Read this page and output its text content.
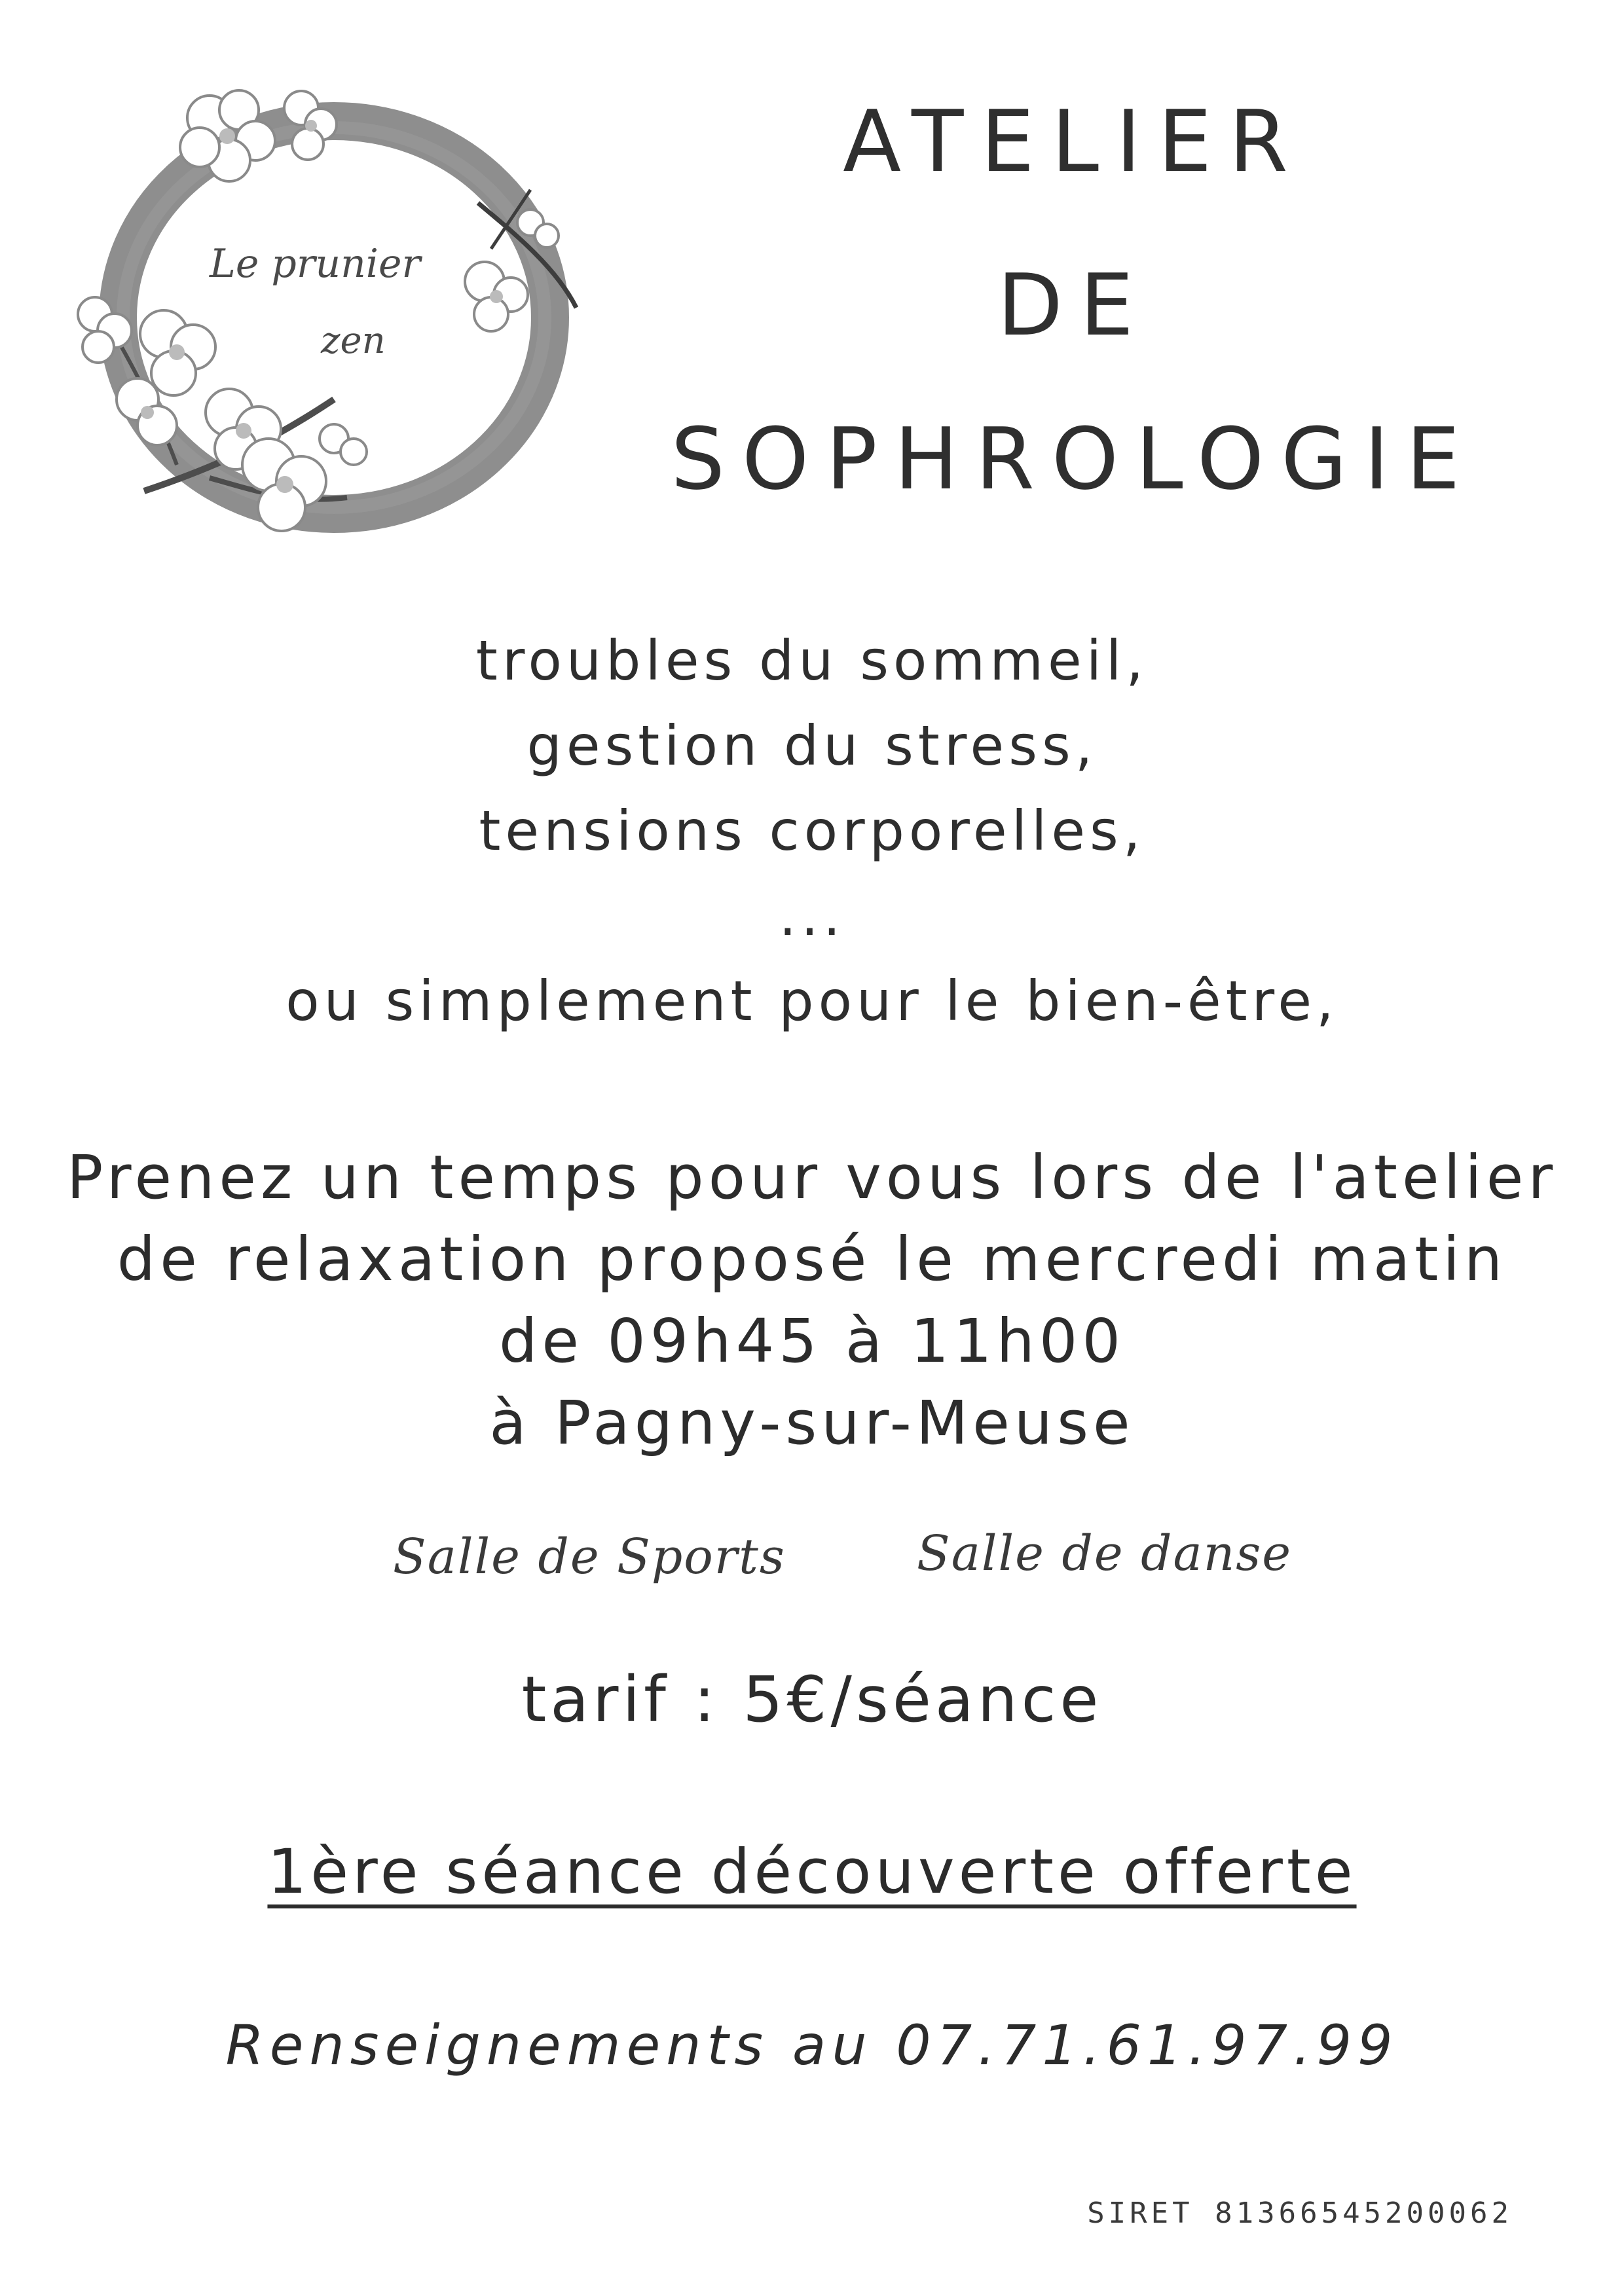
Le prunier
zen
ATELIER
DE
SOPHROLOGIE
troubles du sommeil,
gestion du stress,
tensions corporelles,
...
ou simplement pour le bien-être,
Prenez un temps pour vous lors de l'atelier
de relaxation proposé le mercredi matin
de 09h45 à 11h00
à Pagny-sur-Meuse
Salle de Sports	Salle de danse
tarif : 5€/séance
1ère séance découverte offerte
Renseignements au 07.71.61.97.99
SIRET 81366545200062
